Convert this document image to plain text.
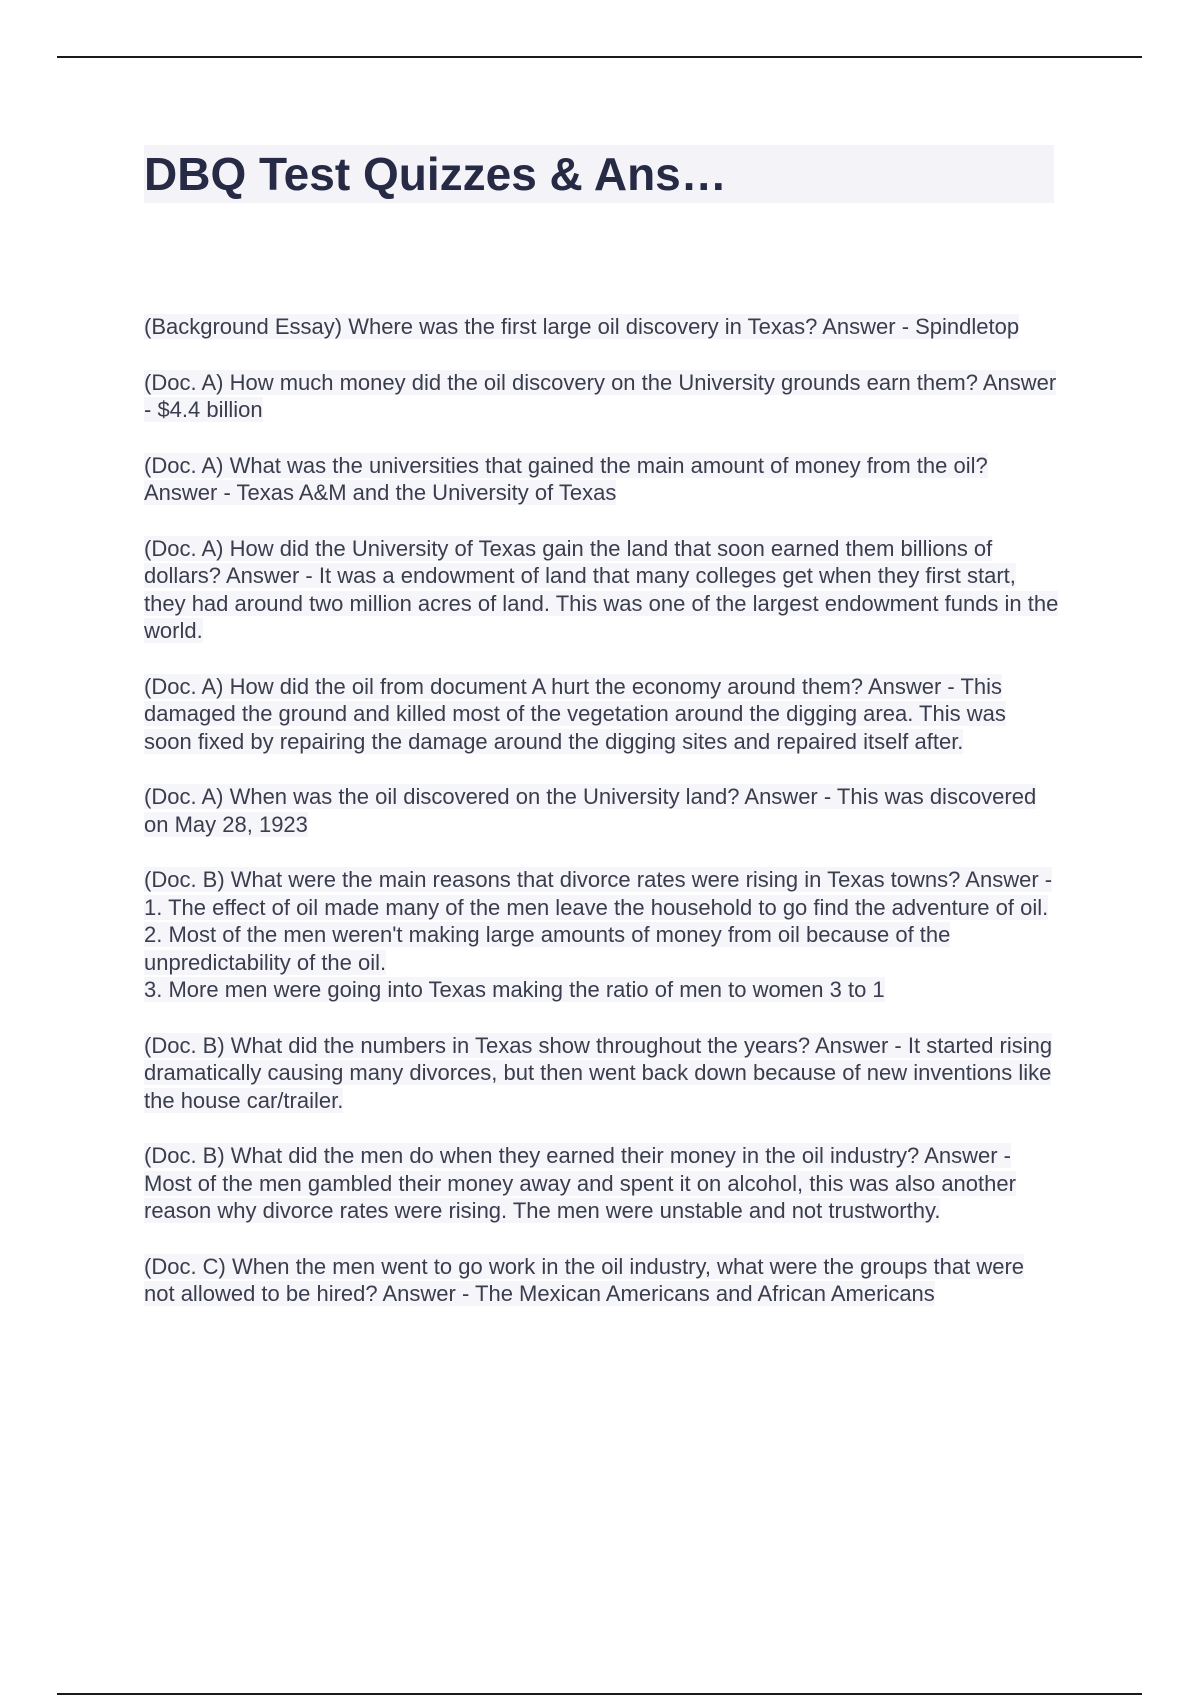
DBQ Test Quizzes & Ans…

(Background Essay) Where was the first large oil discovery in Texas? Answer - Spindletop

(Doc. A) How much money did the oil discovery on the University grounds earn them? Answer - $4.4 billion

(Doc. A) What was the universities that gained the main amount of money from the oil? Answer - Texas A&M and the University of Texas

(Doc. A) How did the University of Texas gain the land that soon earned them billions of dollars? Answer - It was a endowment of land that many colleges get when they first start, they had around two million acres of land. This was one of the largest endowment funds in the world.

(Doc. A) How did the oil from document A hurt the economy around them? Answer - This damaged the ground and killed most of the vegetation around the digging area. This was soon fixed by repairing the damage around the digging sites and repaired itself after.

(Doc. A) When was the oil discovered on the University land? Answer - This was discovered on May 28, 1923

(Doc. B) What were the main reasons that divorce rates were rising in Texas towns? Answer - 1. The effect of oil made many of the men leave the household to go find the adventure of oil.
2. Most of the men weren't making large amounts of money from oil because of the unpredictability of the oil.
3. More men were going into Texas making the ratio of men to women 3 to 1

(Doc. B) What did the numbers in Texas show throughout the years? Answer - It started rising dramatically causing many divorces, but then went back down because of new inventions like the house car/trailer.

(Doc. B) What did the men do when they earned their money in the oil industry? Answer - Most of the men gambled their money away and spent it on alcohol, this was also another reason why divorce rates were rising. The men were unstable and not trustworthy.

(Doc. C) When the men went to go work in the oil industry, what were the groups that were not allowed to be hired? Answer - The Mexican Americans and African Americans
